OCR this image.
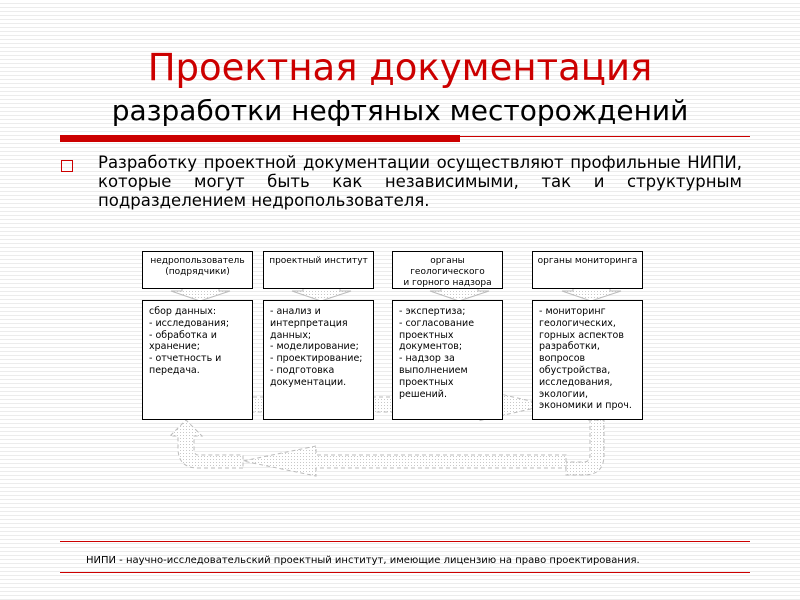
Проектная документация
разработки нефтяных месторождений
Разработку проектной документации осуществляют профильные НИПИ, которые могут быть как независимыми, так и структурным подразделением недропользователя.
недропользователь
(подрядчики)
проектный институт	органы геологического
и горного надзора
органы мониторинга
сбор данных:
- исследования;
- обработка и
хранение;
- отчетность и
передача.
- анализ и
интерпретация
данных;
- моделирование;
- проектирование;
- подготовка
документации.
- экспертиза;
- согласование
проектных
документов;
- надзор за
выполнением
проектных решений.
- мониторинг
геологических,
горных аспектов
разработки,
вопросов
обустройства,
исследования,
экологии,
экономики и проч.
НИПИ - научно-исследовательский проектный институт, имеющие лицензию на право проектирования.
